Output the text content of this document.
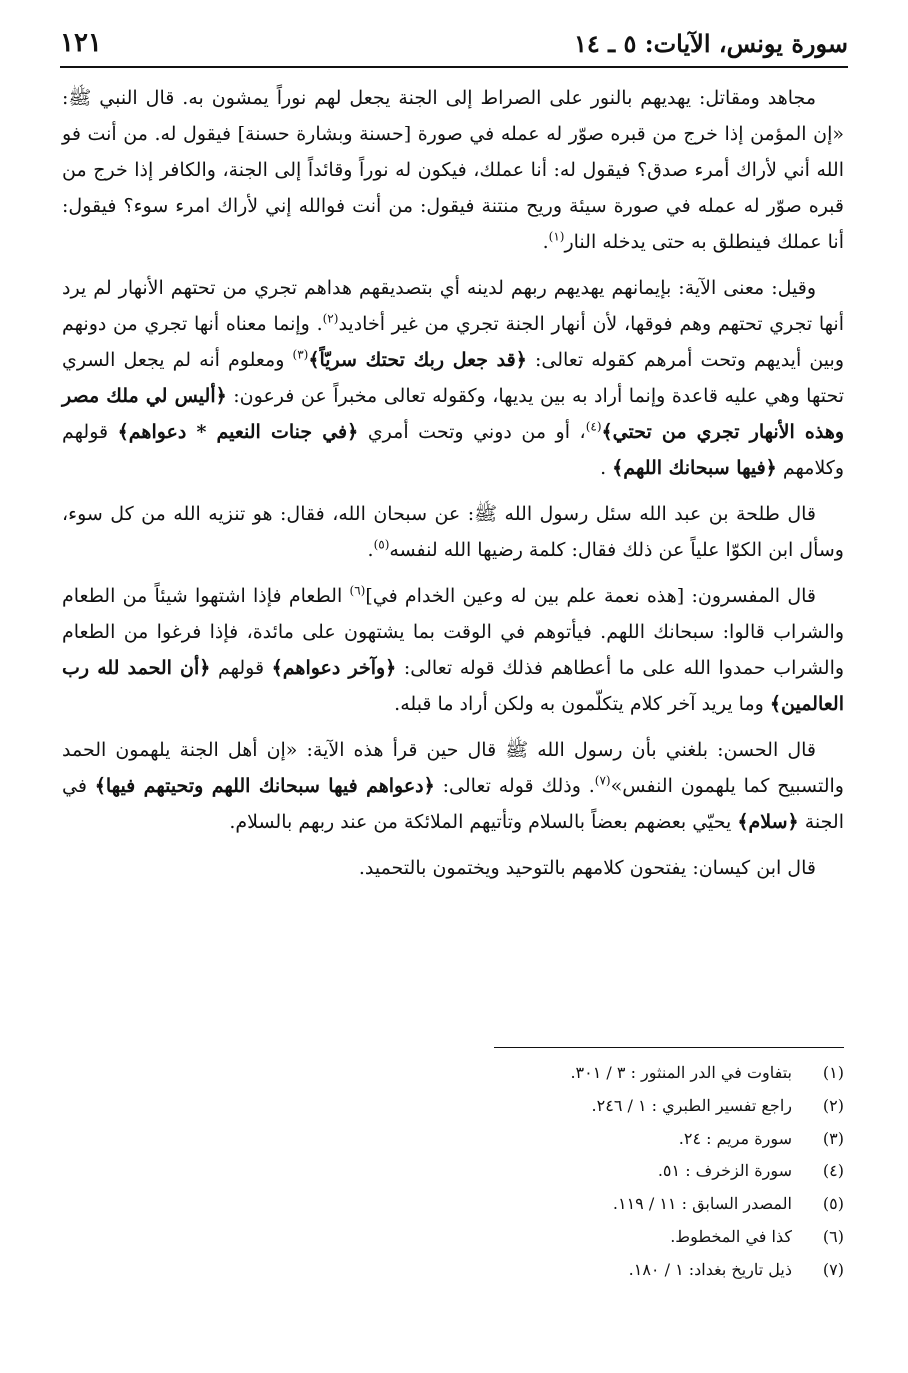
سورة يونس، الآيات: ٥ ـ ١٤
١٢١

مجاهد ومقاتل: يهديهم بالنور على الصراط إلى الجنة يجعل لهم نوراً يمشون به. قال النبي ﷺ: «إن المؤمن إذا خرج من قبره صوّر له عمله في صورة [حسنة وبشارة حسنة] فيقول له. من أنت فو الله أني لأراك أمرء صدق؟ فيقول له: أنا عملك، فيكون له نوراً وقائداً إلى الجنة، والكافر إذا خرج من قبره صوّر له عمله في صورة سيئة وريح منتنة فيقول: من أنت فوالله إني لأراك امرء سوء؟ فيقول: أنا عملك فينطلق به حتى يدخله النار$^{(١)}$.

وقيل: معنى الآية: بإيمانهم يهديهم ربهم لدينه أي بتصديقهم هداهم تجري من تحتهم الأنهار لم يرد أنها تجري تحتهم وهم فوقها، لأن أنهار الجنة تجري من غير أخاديد$^{(٢)}$. وإنما معناه أنها تجري من دونهم وبين أيديهم وتحت أمرهم كقوله تعالى: ﴿قد جعل ربك تحتك سريّاً﴾$^{(٣)}$ ومعلوم أنه لم يجعل السري تحتها وهي عليه قاعدة وإنما أراد به بين يديها، وكقوله تعالى مخبراً عن فرعون: ﴿أليس لي ملك مصر وهذه الأنهار تجري من تحتي﴾$^{(٤)}$، أو من دوني وتحت أمري ﴿في جنات النعيم * دعواهم﴾ قولهم وكلامهم ﴿فيها سبحانك اللهم﴾ .

قال طلحة بن عبد الله سئل رسول الله ﷺ: عن سبحان الله، فقال: هو تنزيه الله من كل سوء، وسأل ابن الكوّا علياً عن ذلك فقال: كلمة رضيها الله لنفسه$^{(٥)}$.

قال المفسرون: [هذه نعمة علم بين له وعين الخدام في]$^{(٦)}$ الطعام فإذا اشتهوا شيئاً من الطعام والشراب قالوا: سبحانك اللهم. فيأتوهم في الوقت بما يشتهون على مائدة، فإذا فرغوا من الطعام والشراب حمدوا الله على ما أعطاهم فذلك قوله تعالى: ﴿وآخر دعواهم﴾ قولهم ﴿أن الحمد لله رب العالمين﴾ وما يريد آخر كلام يتكلّمون به ولكن أراد ما قبله.

قال الحسن: بلغني بأن رسول الله ﷺ قال حين قرأ هذه الآية: «إن أهل الجنة يلهمون الحمد والتسبيح كما يلهمون النفس»$^{(٧)}$. وذلك قوله تعالى: ﴿دعواهم فيها سبحانك اللهم وتحيتهم فيها﴾ في الجنة ﴿سلام﴾ يحيّي بعضهم بعضاً بالسلام وتأتيهم الملائكة من عند ربهم بالسلام.

قال ابن كيسان: يفتحون كلامهم بالتوحيد ويختمون بالتحميد.

(١)
بتفاوت في الدر المنثور : ٣ / ٣٠١.
(٢)
راجع تفسير الطبري : ١ / ٢٤٦.
(٣)
سورة مريم : ٢٤.
(٤)
سورة الزخرف : ٥١.
(٥)
المصدر السابق : ١١ / ١١٩.
(٦)
كذا في المخطوط.
(٧)
ذيل تاريخ بغداد: ١ / ١٨٠.
